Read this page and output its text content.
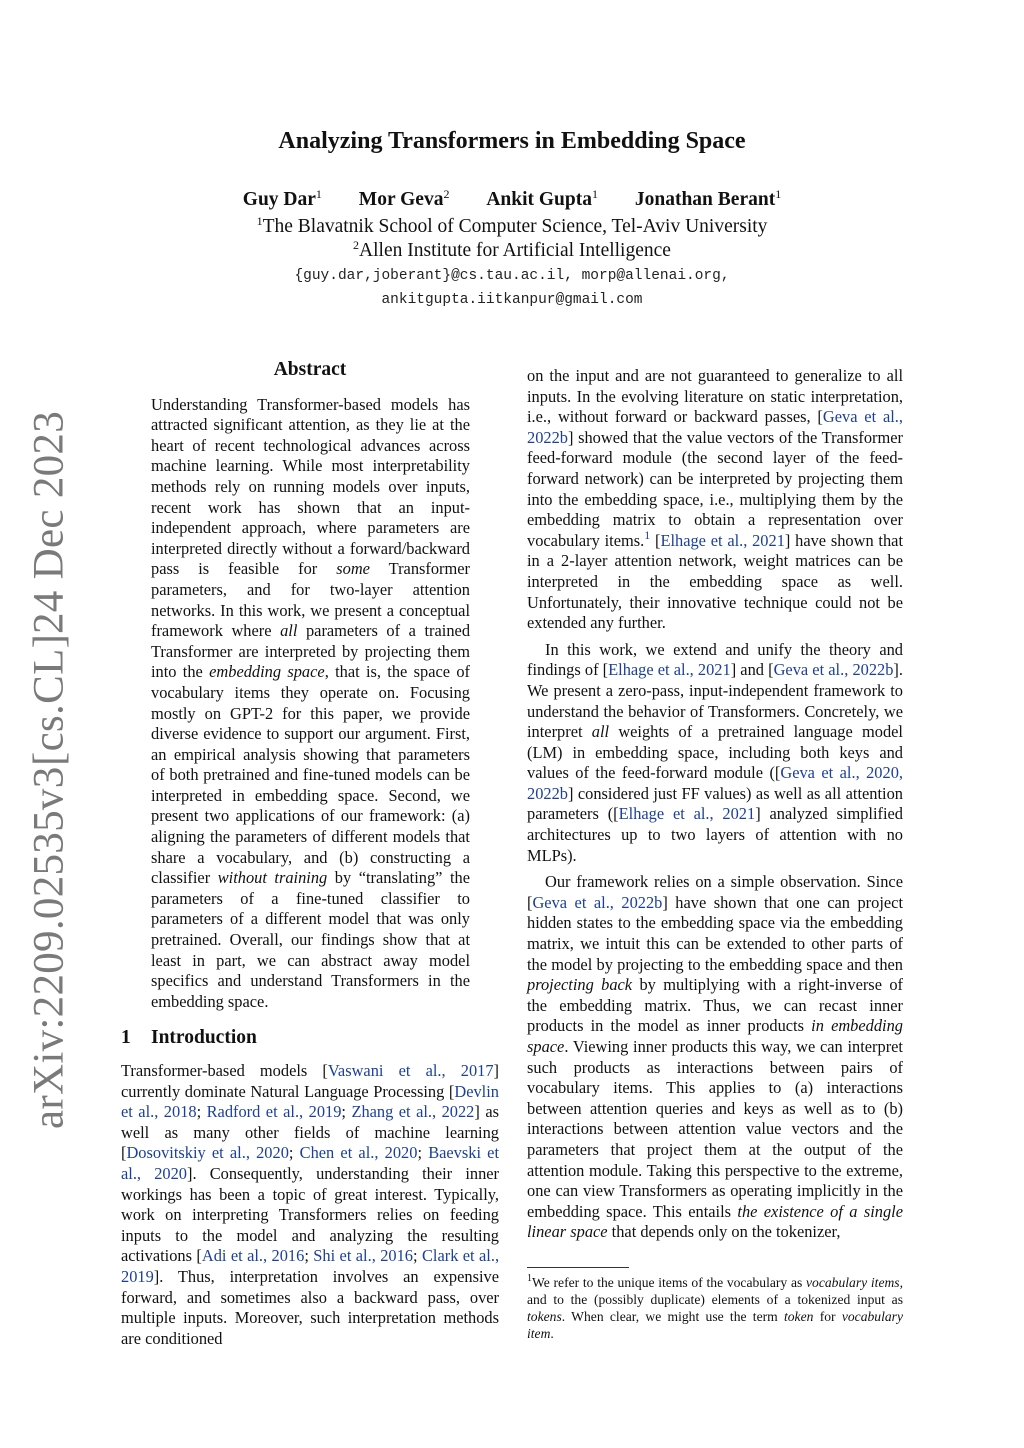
arXiv:2209.02535v3
[cs.CL]
24 Dec 2023
Analyzing Transformers in Embedding Space
Guy Dar$^1$ Mor Geva$^2$ Ankit Gupta$^1$ Jonathan Berant$^1$
$^1$The Blavatnik School of Computer Science, Tel-Aviv University
$^2$Allen Institute for Artificial Intelligence
{guy.dar,joberant}@cs.tau.ac.il, morp@allenai.org,
ankitgupta.iitkanpur@gmail.com
Abstract

Understanding Transformer-based models has attracted significant attention, as they lie at the heart of recent technological advances across machine learning. While most interpretability methods rely on running models over inputs, recent work has shown that an input-independent approach, where parameters are interpreted directly without a forward/backward pass is feasible for some Transformer parameters, and for two-layer attention networks. In this work, we present a conceptual framework where all parameters of a trained Transformer are interpreted by projecting them into the embedding space, that is, the space of vocabulary items they operate on. Focusing mostly on GPT-2 for this paper, we provide diverse evidence to support our argument. First, an empirical analysis showing that parameters of both pretrained and fine-tuned models can be interpreted in embedding space. Second, we present two applications of our framework: (a) aligning the parameters of different models that share a vocabulary, and (b) constructing a classifier without training by “translating” the parameters of a fine-tuned classifier to parameters of a different model that was only pretrained. Overall, our findings show that at least in part, we can abstract away model specifics and understand Transformers in the embedding space.

1	Introduction

Transformer-based models [Vaswani et al., 2017] currently dominate Natural Language Processing [Devlin et al., 2018; Radford et al., 2019; Zhang et al., 2022] as well as many other fields of machine learning [Dosovitskiy et al., 2020; Chen et al., 2020; Baevski et al., 2020]. Consequently, understanding their inner workings has been a topic of great interest. Typically, work on interpreting Transformers relies on feeding inputs to the model and analyzing the resulting activations [Adi et al., 2016; Shi et al., 2016; Clark et al., 2019]. Thus, interpretation involves an expensive forward, and sometimes also a backward pass, over multiple inputs. Moreover, such interpretation methods are conditioned

on the input and are not guaranteed to generalize to all inputs. In the evolving literature on static interpretation, i.e., without forward or backward passes, [Geva et al., 2022b] showed that the value vectors of the Transformer feed-forward module (the second layer of the feed-forward network) can be interpreted by projecting them into the embedding space, i.e., multiplying them by the embedding matrix to obtain a representation over vocabulary items.$^1$ [Elhage et al., 2021] have shown that in a 2-layer attention network, weight matrices can be interpreted in the embedding space as well. Unfortunately, their innovative technique could not be extended any further.

In this work, we extend and unify the theory and findings of [Elhage et al., 2021] and [Geva et al., 2022b]. We present a zero-pass, input-independent framework to understand the behavior of Transformers. Concretely, we interpret all weights of a pretrained language model (LM) in embedding space, including both keys and values of the feed-forward module ([Geva et al., 2020, 2022b] considered just FF values) as well as all attention parameters ([Elhage et al., 2021] analyzed simplified architectures up to two layers of attention with no MLPs).

Our framework relies on a simple observation. Since [Geva et al., 2022b] have shown that one can project hidden states to the embedding space via the embedding matrix, we intuit this can be extended to other parts of the model by projecting to the embedding space and then projecting back by multiplying with a right-inverse of the embedding matrix. Thus, we can recast inner products in the model as inner products in embedding space. Viewing inner products this way, we can interpret such products as interactions between pairs of vocabulary items. This applies to (a) interactions between attention queries and keys as well as to (b) interactions between attention value vectors and the parameters that project them at the output of the attention module. Taking this perspective to the extreme, one can view Transformers as operating implicitly in the embedding space. This entails the existence of a single linear space that depends only on the tokenizer,

$^1$We refer to the unique items of the vocabulary as vocabulary items, and to the (possibly duplicate) elements of a tokenized input as tokens. When clear, we might use the term token for vocabulary item.
